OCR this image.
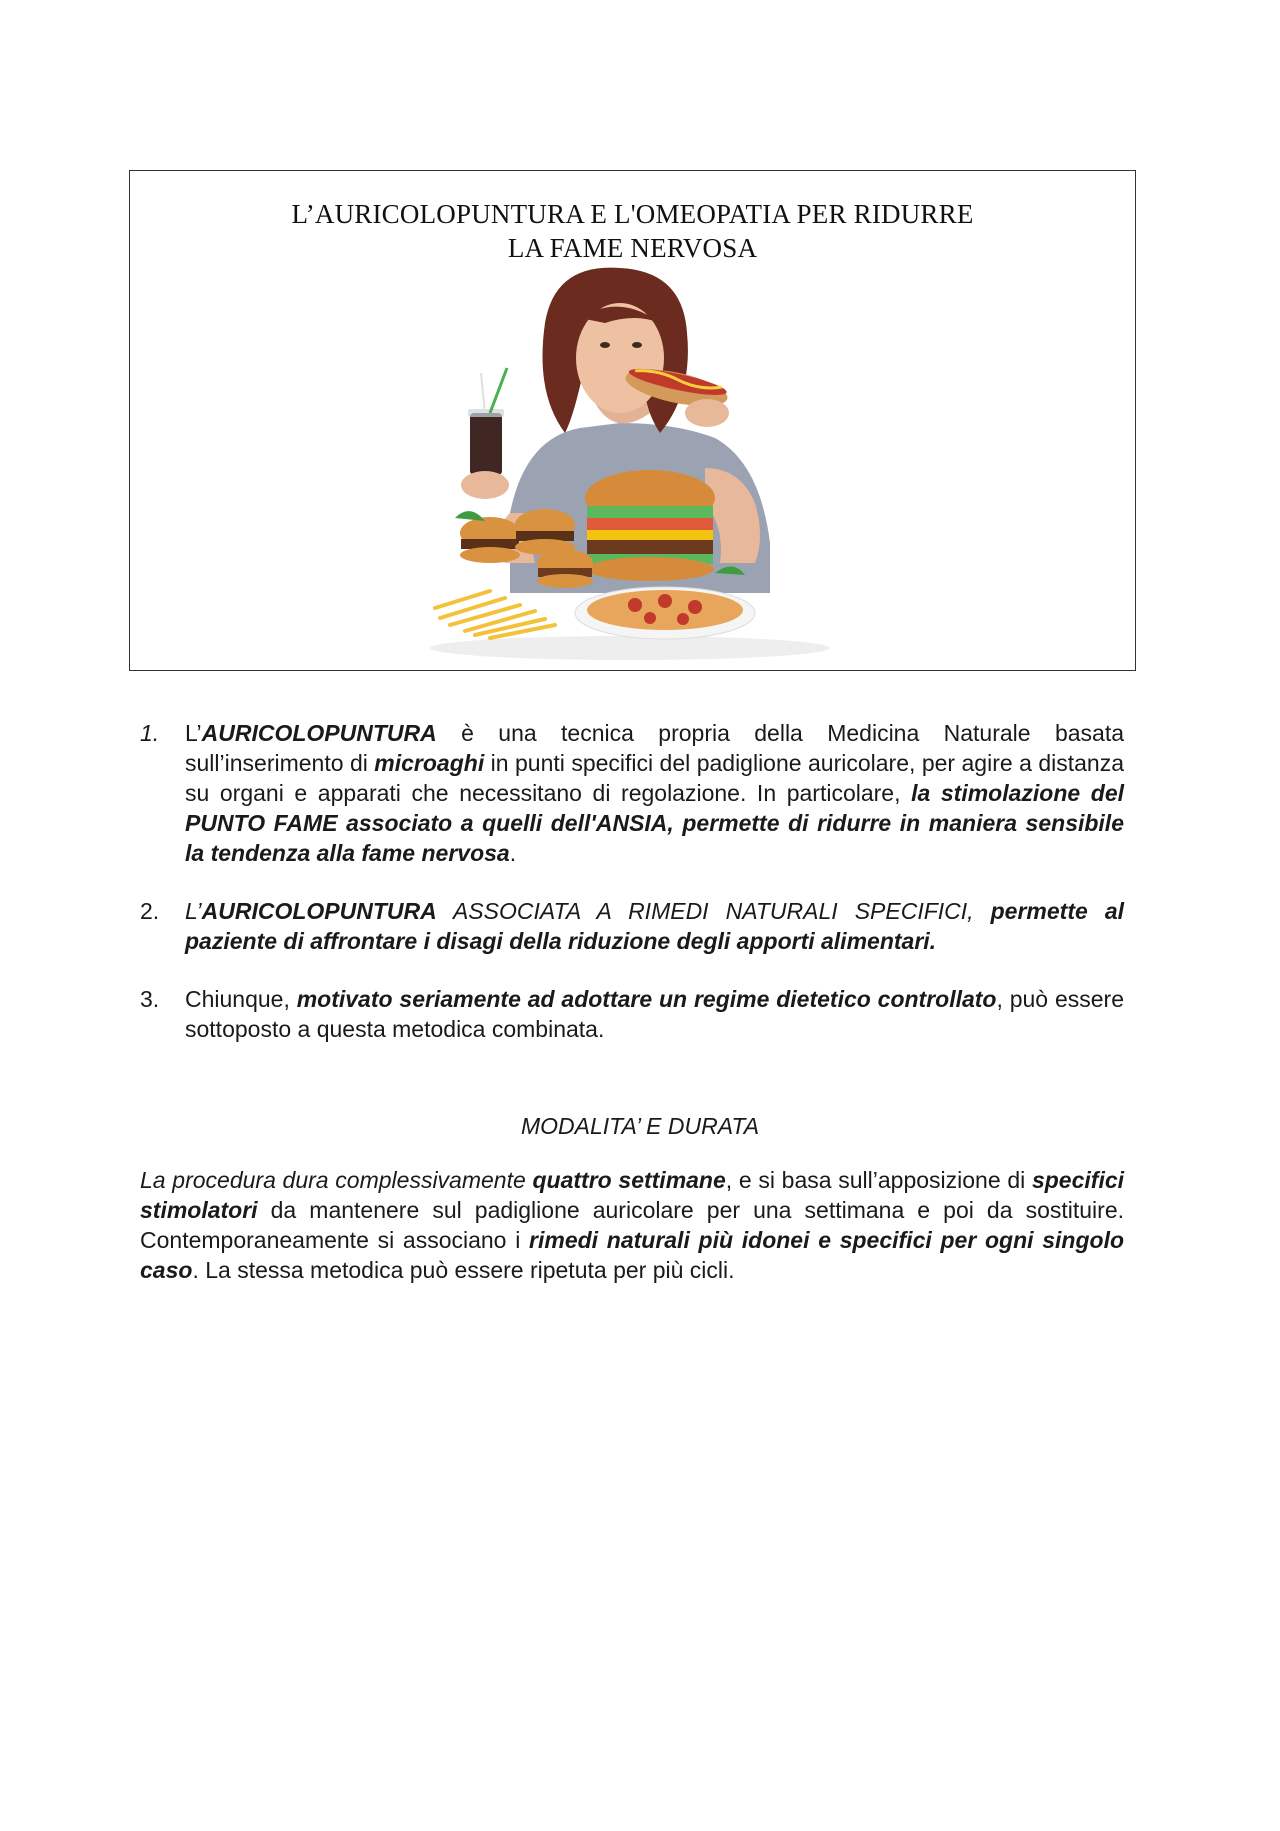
L’AURICOLOPUNTURA E L'OMEOPATIA PER RIDURRE
LA FAME NERVOSA
1.	L’AURICOLOPUNTURA è una tecnica propria della Medicina Naturale basata sull’inserimento di microaghi in punti specifici del padiglione auricolare, per agire a distanza su organi e apparati che necessitano di regolazione. In particolare, la stimolazione del PUNTO FAME associato a quelli dell'ANSIA, permette di ridurre in maniera sensibile la tendenza alla fame nervosa.
2.	L’AURICOLOPUNTURA ASSOCIATA A RIMEDI NATURALI SPECIFICI, permette al paziente di affrontare i disagi della riduzione degli apporti alimentari.
3.	Chiunque, motivato seriamente ad adottare un regime dietetico controllato, può essere sottoposto a questa metodica combinata.
MODALITA’ E DURATA
La procedura dura complessivamente quattro settimane, e si basa sull’apposizione di specifici stimolatori da mantenere sul padiglione auricolare per una settimana e poi da sostituire. Contemporaneamente si associano i rimedi naturali più idonei e specifici per ogni singolo caso. La stessa metodica può essere ripetuta per più cicli.
